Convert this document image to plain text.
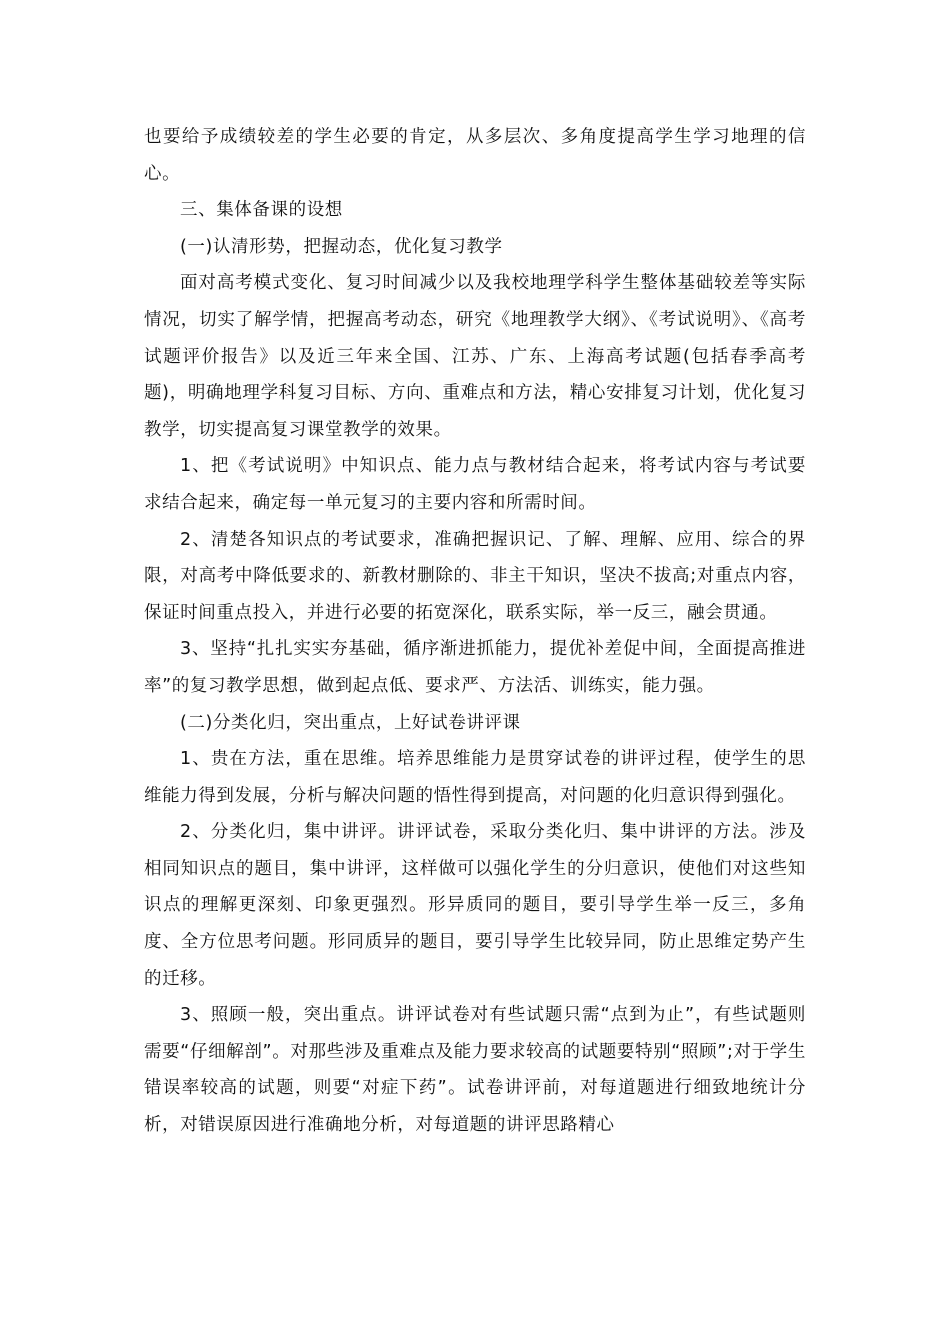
也要给予成绩较差的学生必要的肯定，从多层次、多角度提高学生学习地理的信心。

三、集体备课的设想

(一)认清形势，把握动态，优化复习教学

面对高考模式变化、复习时间减少以及我校地理学科学生整体基础较差等实际情况，切实了解学情，把握高考动态，研究《地理教学大纲》、《考试说明》、《高考试题评价报告》以及近三年来全国、江苏、广东、上海高考试题(包括春季高考题)，明确地理学科复习目标、方向、重难点和方法，精心安排复习计划，优化复习教学，切实提高复习课堂教学的效果。

1、把《考试说明》中知识点、能力点与教材结合起来，将考试内容与考试要求结合起来，确定每一单元复习的主要内容和所需时间。

2、清楚各知识点的考试要求，准确把握识记、了解、理解、应用、综合的界限，对高考中降低要求的、新教材删除的、非主干知识，坚决不拔高;对重点内容，保证时间重点投入，并进行必要的拓宽深化，联系实际，举一反三，融会贯通。

3、坚持“扎扎实实夯基础，循序渐进抓能力，提优补差促中间，全面提高推进率”的复习教学思想，做到起点低、要求严、方法活、训练实，能力强。

(二)分类化归，突出重点，上好试卷讲评课

1、贵在方法，重在思维。培养思维能力是贯穿试卷的讲评过程，使学生的思维能力得到发展，分析与解决问题的悟性得到提高，对问题的化归意识得到强化。

2、分类化归，集中讲评。讲评试卷，采取分类化归、集中讲评的方法。涉及相同知识点的题目，集中讲评，这样做可以强化学生的分归意识，使他们对这些知识点的理解更深刻、印象更强烈。形异质同的题目，要引导学生举一反三，多角度、全方位思考问题。形同质异的题目，要引导学生比较异同，防止思维定势产生的迁移。

3、照顾一般，突出重点。讲评试卷对有些试题只需“点到为止”，有些试题则需要“仔细解剖”。对那些涉及重难点及能力要求较高的试题要特别“照顾”;对于学生错误率较高的试题，则要“对症下药”。试卷讲评前，对每道题进行细致地统计分析，对错误原因进行准确地分析，对每道题的讲评思路精心
